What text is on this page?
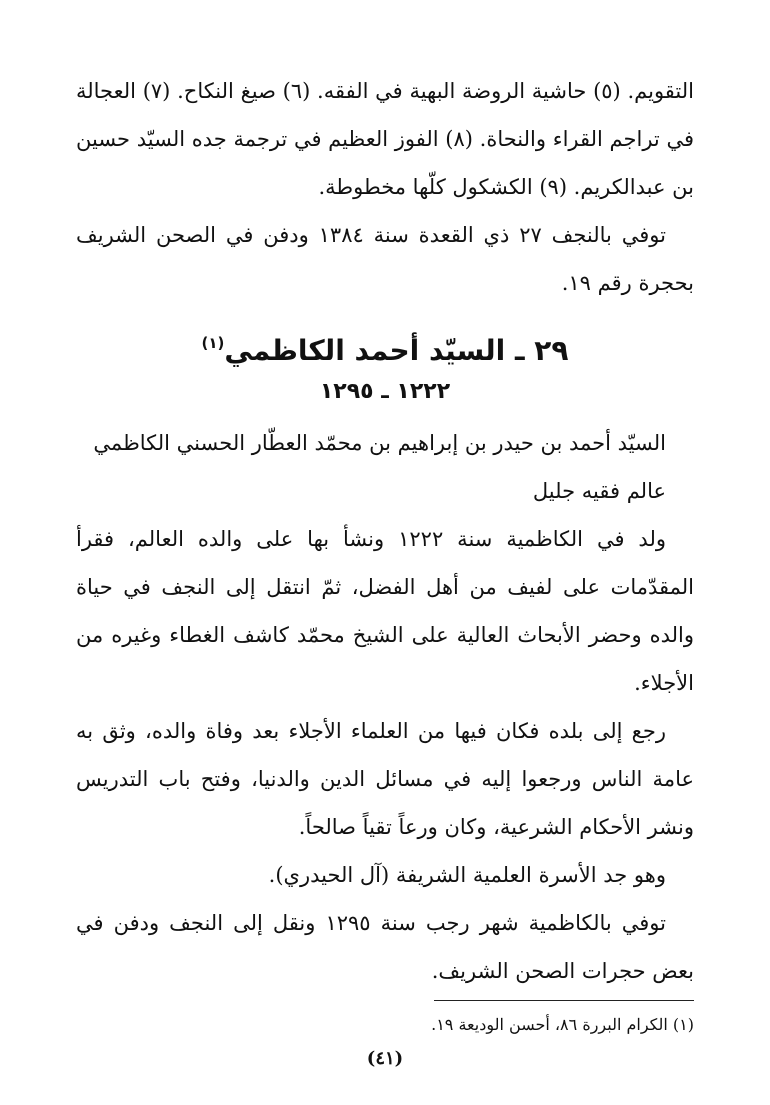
التقويم. (٥) حاشية الروضة البهية في الفقه. (٦) صيغ النكاح. (٧) العجالة في تراجم القراء والنحاة. (٨) الفوز العظيم في ترجمة جده السيّد حسين بن عبدالكريم. (٩) الكشكول كلّها مخطوطة.

توفي بالنجف ٢٧ ذي القعدة سنة ١٣٨٤ ودفن في الصحن الشريف بحجرة رقم ١٩.

٢٩ ـ السيّد أحمد الكاظمي$^{(١)}$
١٢٢٢ ـ ١٢٩٥

السيّد أحمد بن حيدر بن إبراهيم بن محمّد العطّار الحسني الكاظمي

عالم فقيه جليل

ولد في الكاظمية سنة ١٢٢٢ ونشأ بها على والده العالم، فقرأ المقدّمات على لفيف من أهل الفضل، ثمّ انتقل إلى النجف في حياة والده وحضر الأبحاث العالية على الشيخ محمّد كاشف الغطاء وغيره من الأجلاء.

رجع إلى بلده فكان فيها من العلماء الأجلاء بعد وفاة والده، وثق به عامة الناس ورجعوا إليه في مسائل الدين والدنيا، وفتح باب التدريس ونشر الأحكام الشرعية، وكان ورعاً تقياً صالحاً.

وهو جد الأسرة العلمية الشريفة (آل الحيدري).

توفي بالكاظمية شهر رجب سنة ١٢٩٥ ونقل إلى النجف ودفن في بعض حجرات الصحن الشريف.

(١) الكرام البررة ٨٦، أحسن الوديعة ١٩.
(٤١)
